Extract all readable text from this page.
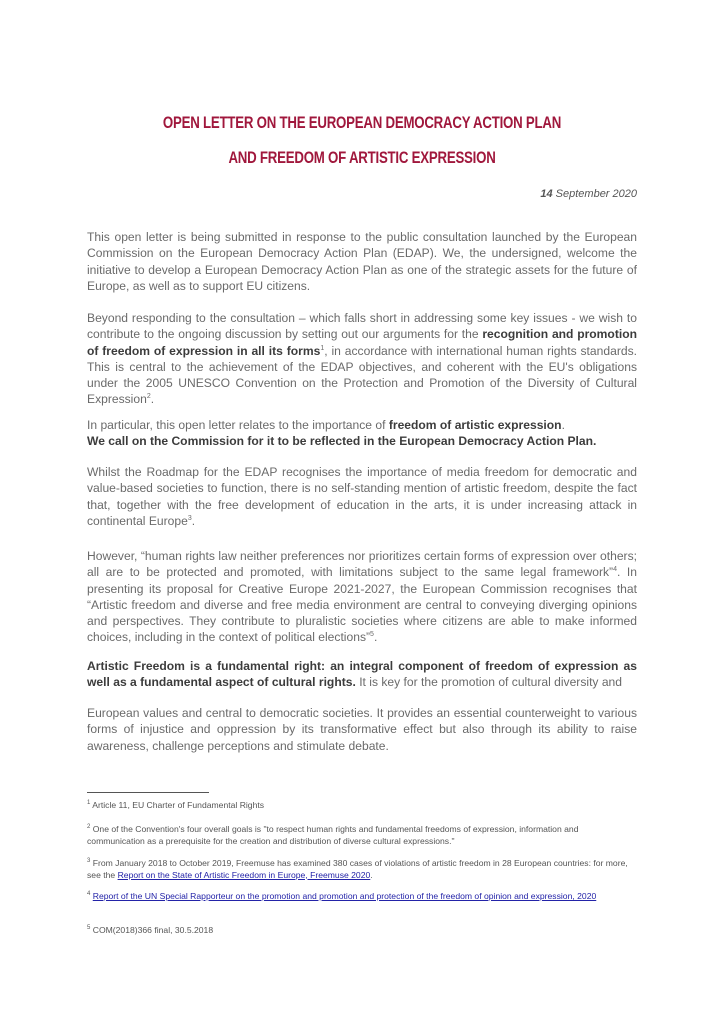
OPEN LETTER ON THE EUROPEAN DEMOCRACY ACTION PLAN
AND FREEDOM OF ARTISTIC EXPRESSION
14 September 2020

This open letter is being submitted in response to the public consultation launched by the European Commission on the European Democracy Action Plan (EDAP). We, the undersigned, welcome the initiative to develop a European Democracy Action Plan as one of the strategic assets for the future of Europe, as well as to support EU citizens.

Beyond responding to the consultation – which falls short in addressing some key issues - we wish to contribute to the ongoing discussion by setting out our arguments for the recognition and promotion of freedom of expression in all its forms$^1$, in accordance with international human rights standards. This is central to the achievement of the EDAP objectives, and coherent with the EU's obligations under the 2005 UNESCO Convention on the Protection and Promotion of the Diversity of Cultural Expression$^2$.

In particular, this open letter relates to the importance of freedom of artistic expression.
We call on the Commission for it to be reflected in the European Democracy Action Plan.

Whilst the Roadmap for the EDAP recognises the importance of media freedom for democratic and value-based societies to function, there is no self-standing mention of artistic freedom, despite the fact that, together with the free development of education in the arts, it is under increasing attack in continental Europe$^3$.

However, “human rights law neither preferences nor prioritizes certain forms of expression over others; all are to be protected and promoted, with limitations subject to the same legal framework”$^4$. In presenting its proposal for Creative Europe 2021-2027, the European Commission recognises that “Artistic freedom and diverse and free media environment are central to conveying diverging opinions and perspectives. They contribute to pluralistic societies where citizens are able to make informed choices, including in the context of political elections”$^5$.

Artistic Freedom is a fundamental right: an integral component of freedom of expression as well as a fundamental aspect of cultural rights. It is key for the promotion of cultural diversity and

European values and central to democratic societies. It provides an essential counterweight to various forms of injustice and oppression by its transformative effect but also through its ability to raise awareness, challenge perceptions and stimulate debate.

$^1$ Article 11, EU Charter of Fundamental Rights
$^2$ One of the Convention's four overall goals is "to respect human rights and fundamental freedoms of expression, information and communication as a prerequisite for the creation and distribution of diverse cultural expressions."
$^3$ From January 2018 to October 2019, Freemuse has examined 380 cases of violations of artistic freedom in 28 European countries: for more, see the Report on the State of Artistic Freedom in Europe, Freemuse 2020.
$^4$ Report of the UN Special Rapporteur on the promotion and promotion and protection of the freedom of opinion and expression, 2020
$^5$ COM(2018)366 final, 30.5.2018
